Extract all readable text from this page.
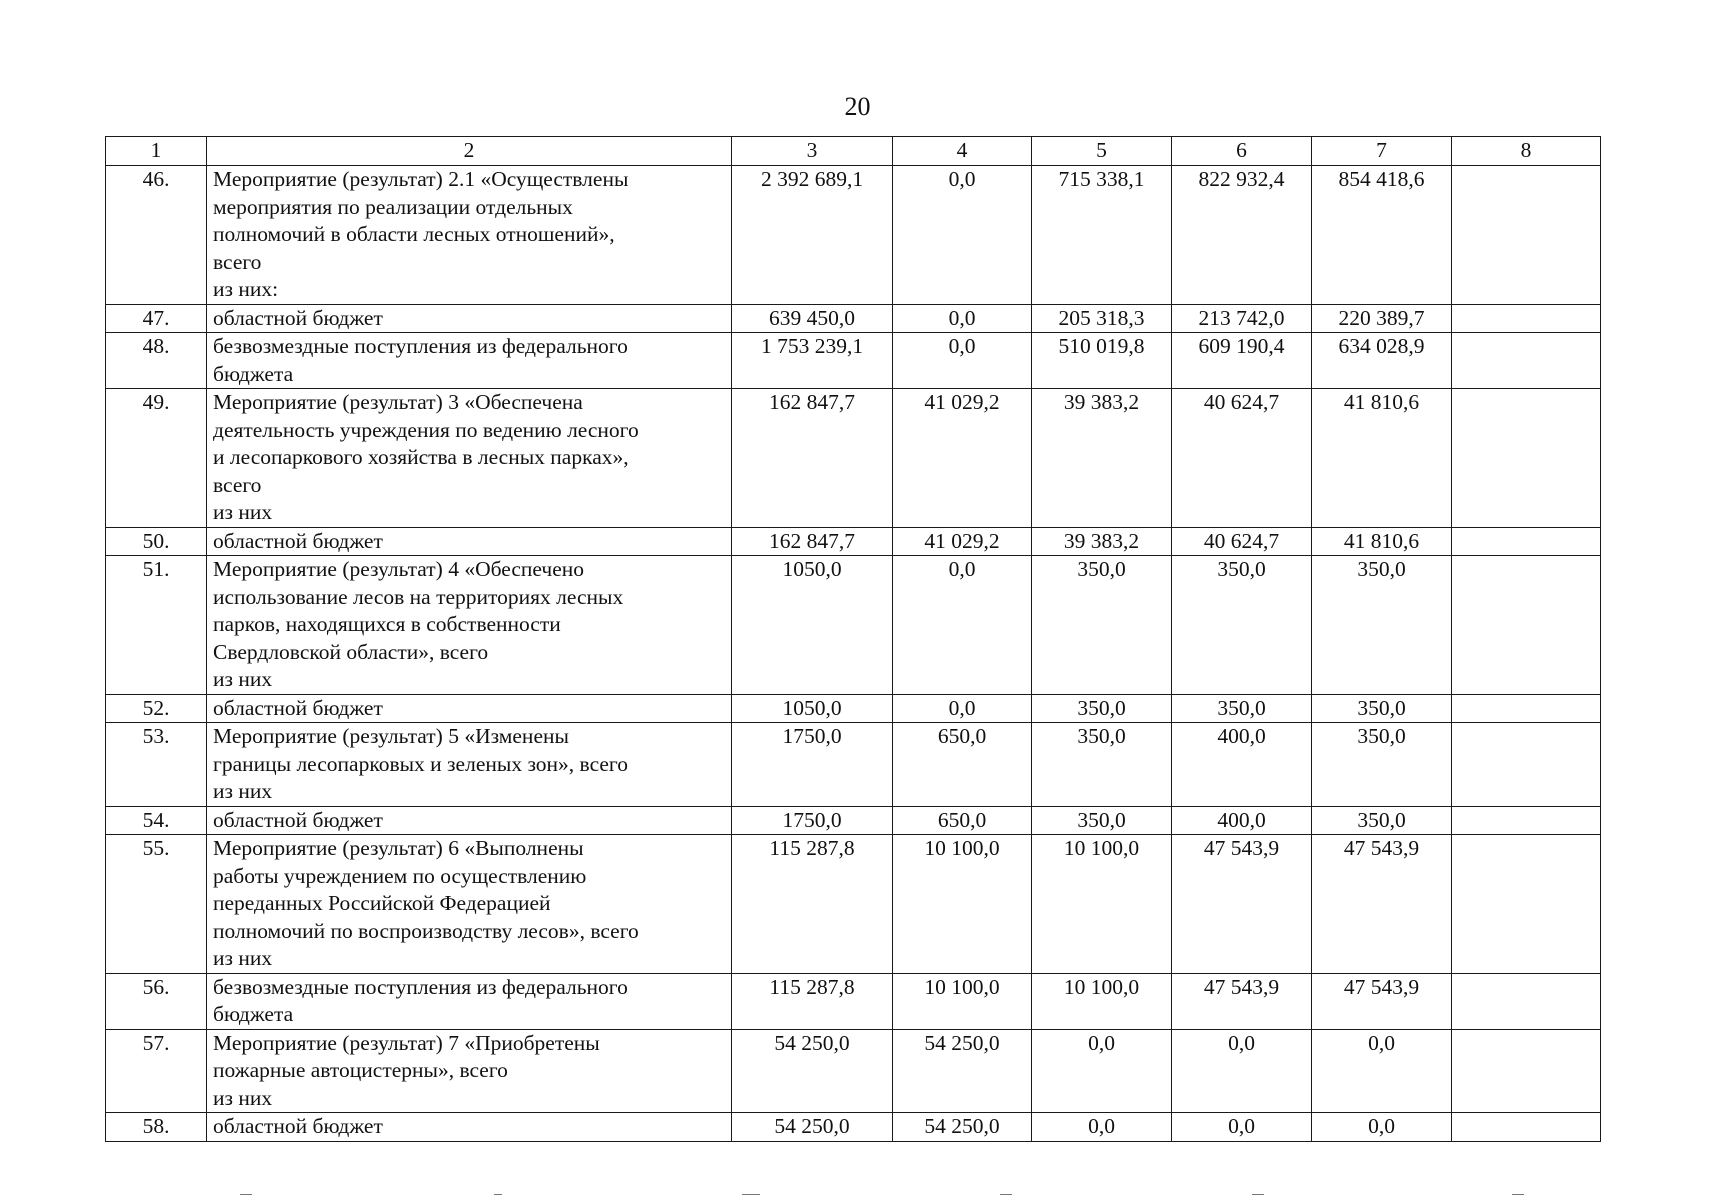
20
1	2	3	4	5	6	7	8
46.	Мероприятие (результат) 2.1 «Осуществлены
мероприятия по реализации отдельных
полномочий в области лесных отношений»,
всего
из них:	2 392 689,1	0,0	715 338,1	822 932,4	854 418,6	
47.	областной бюджет	639 450,0	0,0	205 318,3	213 742,0	220 389,7	
48.	безвозмездные поступления из федерального
бюджета	1 753 239,1	0,0	510 019,8	609 190,4	634 028,9	
49.	Мероприятие (результат) 3 «Обеспечена
деятельность учреждения по ведению лесного
и лесопаркового хозяйства в лесных парках»,
всего
из них	162 847,7	41 029,2	39 383,2	40 624,7	41 810,6	
50.	областной бюджет	162 847,7	41 029,2	39 383,2	40 624,7	41 810,6	
51.	Мероприятие (результат) 4 «Обеспечено
использование лесов на территориях лесных
парков, находящихся в собственности
Свердловской области», всего
из них	1050,0	0,0	350,0	350,0	350,0	
52.	областной бюджет	1050,0	0,0	350,0	350,0	350,0	
53.	Мероприятие (результат) 5 «Изменены
границы лесопарковых и зеленых зон», всего
из них	1750,0	650,0	350,0	400,0	350,0	
54.	областной бюджет	1750,0	650,0	350,0	400,0	350,0	
55.	Мероприятие (результат) 6 «Выполнены
работы учреждением по осуществлению
переданных Российской Федерацией
полномочий по воспроизводству лесов», всего
из них	115 287,8	10 100,0	10 100,0	47 543,9	47 543,9	
56.	безвозмездные поступления из федерального
бюджета	115 287,8	10 100,0	10 100,0	47 543,9	47 543,9	
57.	Мероприятие (результат) 7 «Приобретены
пожарные автоцистерны», всего
из них	54 250,0	54 250,0	0,0	0,0	0,0	
58.	областной бюджет	54 250,0	54 250,0	0,0	0,0	0,0	
